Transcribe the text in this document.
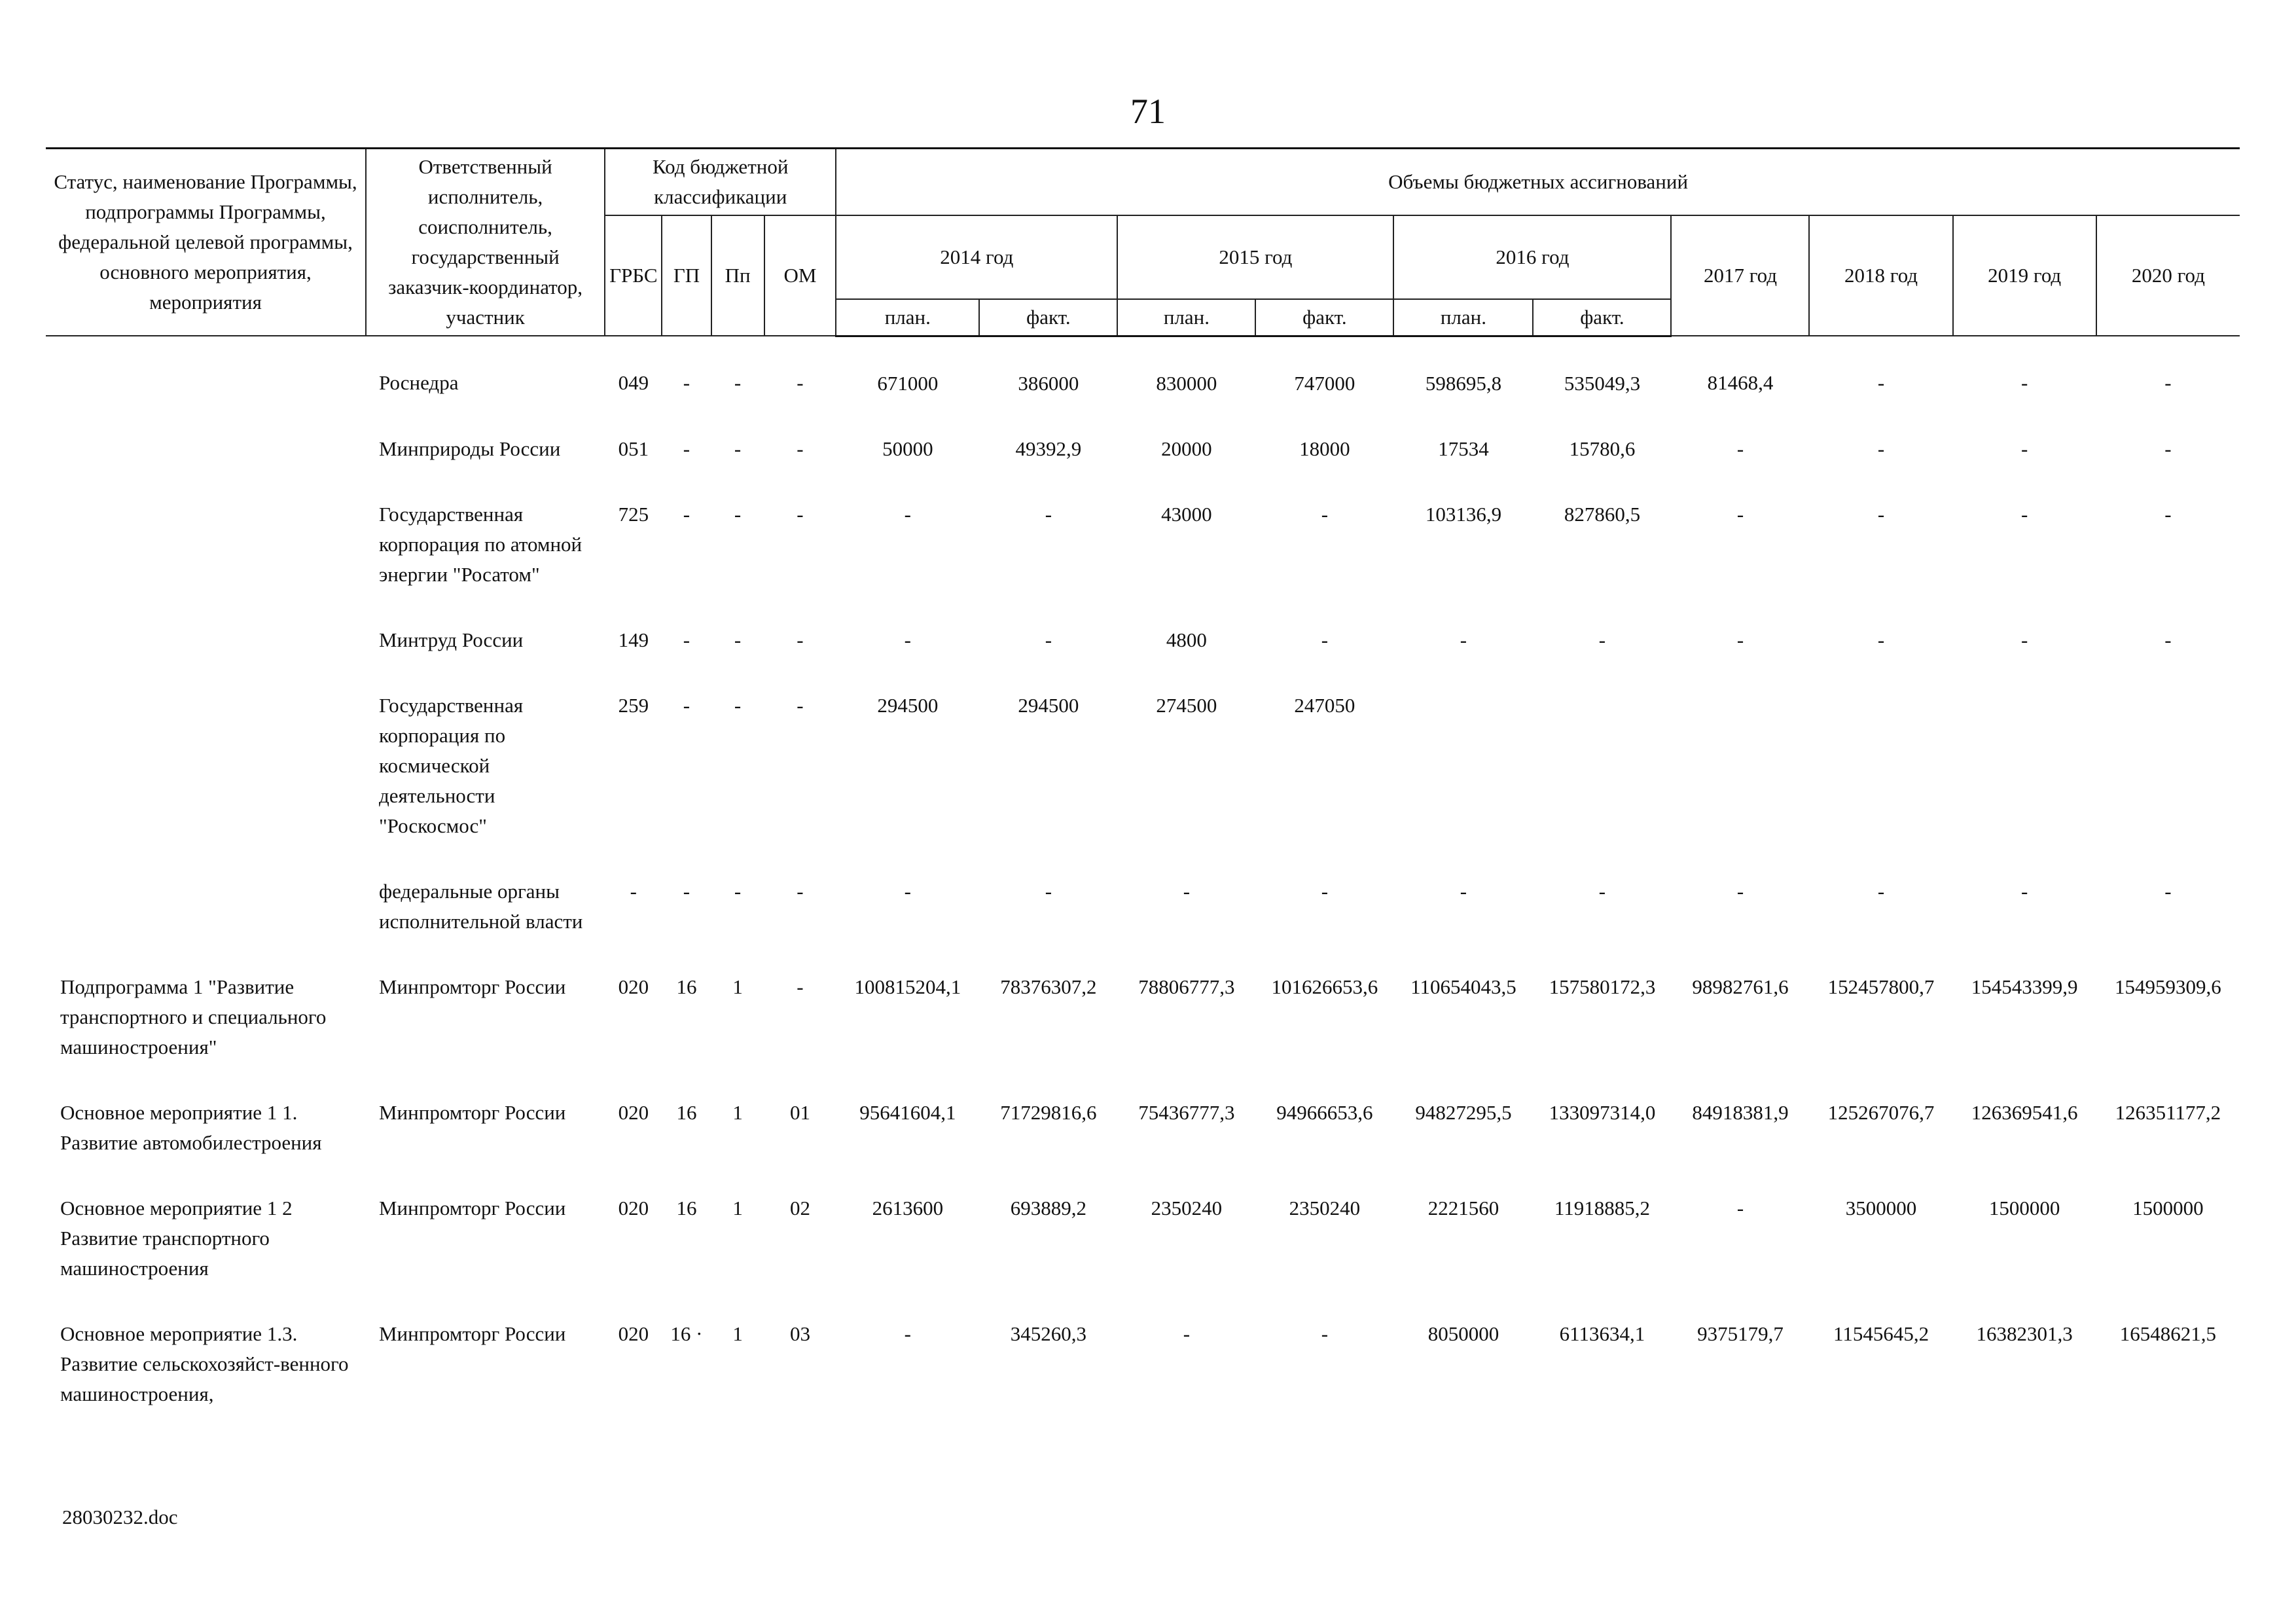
71
Статус, наименование Программы, подпрограммы Программы, федеральной целевой программы, основного мероприятия, мероприятия	Ответственный исполнитель, соисполнитель, государственный заказчик-координатор, участник	Код бюджетной классификации				Объемы бюджетных ассигнований									
		ГРБС	ГП	Пп	ОМ	2014 год		2015 год		2016 год		2017 год	2018 год	2019 год	2020 год
						план.	факт.	план.	факт.	план.	факт.				
	Роснедра	049	-	-	-	671000	386000	830000	747000	598695,8	535049,3	81468,4	-	-	-
	Минприроды России	051	-	-	-	50000	49392,9	20000	18000	17534	15780,6	-	-	-	-
	Государственная корпорация по атомной энергии "Росатом"	725	-	-	-	-	-	43000	-	103136,9	827860,5	-	-	-	-
	Минтруд России	149	-	-	-	-	-	4800	-	-	-	-	-	-	-
	Государственная корпорация по космической деятельности "Роскосмос"	259	-	-	-	294500	294500	274500	247050						
	федеральные органы исполнительной власти	-	-	-	-	-	-	-	-	-	-	-	-	-	-
Подпрограмма 1 "Развитие транспортного и специального машиностроения"	Минпромторг России	020	16	1	-	100815204,1	78376307,2	78806777,3	101626653,6	110654043,5	157580172,3	98982761,6	152457800,7	154543399,9	154959309,6
Основное мероприятие 1 1. Развитие автомобилестроения	Минпромторг России	020	16	1	01	95641604,1	71729816,6	75436777,3	94966653,6	94827295,5	133097314,0	84918381,9	125267076,7	126369541,6	126351177,2
Основное мероприятие 1 2 Развитие транспортного машиностроения	Минпромторг России	020	16	1	02	2613600	693889,2	2350240	2350240	2221560	11918885,2	-	3500000	1500000	1500000
Основное мероприятие 1.3. Развитие сельскохозяйст-венного машиностроения,	Минпромторг России	020	16 ·	1	03	-	345260,3	-	-	8050000	6113634,1	9375179,7	11545645,2	16382301,3	16548621,5
28030232.doc
